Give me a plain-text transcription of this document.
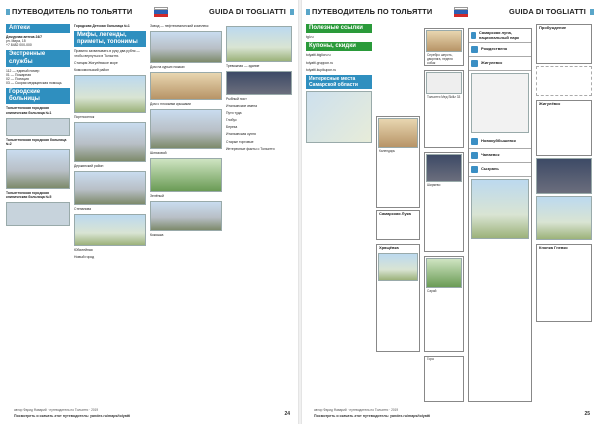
ПУТЕВОДИТЕЛЬ ПО ТОЛЬЯТТИ	GUIDA DI TOGLIATTI
Аптеки
Дежурная аптека 24/7
ул. Мира, 15
+7 8482 000-000
Экстренные службы
112 — единый номер
01 — Пожарная
02 — Полиция
03 — Скорая медицинская помощь
Городские больницы
Тольяттинская городская клиническая больница №1
Тольяттинская городская больница №2
Тольяттинская городская клиническая больница №5
Городская Детская больница №1
Мифы, легенды, приметы, топонимы
Правило захватывать в руку два рубля — чтобы вернуться в Тольятти.
Станция Жигулёвское море
Комсомольский район
Портпоселок
Держинский район
Степанова
Юбилейная
Новый город
Завод — нефтехимический комплекс
Дом на курьих ножках
Дом с плоскими крышами
Шлюзовой
Зелёный
Кокошка
Тревожная — здание
Рыбный пост
Итальянские имена
Пути туда
Глобус
Береза
Итальянская кухня
Старые торговые
Интересные факты о Тольятти
автор Фарид Фаварий · путеводитель по Тольятти · 2019
Посмотреть и скачать этот путеводитель: yandex.ru/maps/tolyatti	24
ПУТЕВОДИТЕЛЬ ПО ТОЛЬЯТТИ	GUIDA DI TOGLIATTI
Полезные ссылки
tgl.ru
Купоны, скидки
tolyatti.biglion.ru
tolyatti.gruppon.ru
tolyatti.kupikupon.ru
Интересные места Самарской области
Календарь
Самарская Лука
Хрящёвка
Серебро шерсть, дворняга, неделя собак
Тольятти Мед Skillz 33
Ширяево
Сарай
Гора
Самарская луна, национальный парк
Рождествено
Жигулевск
Новокуйбышевск
Чапаевск
Сызрань
Пробуждение
Жигулёвск
Кнопка Гневко
автор Фарид Фаварий · путеводитель по Тольятти · 2019
Посмотреть и скачать этот путеводитель: yandex.ru/maps/tolyatti	25
